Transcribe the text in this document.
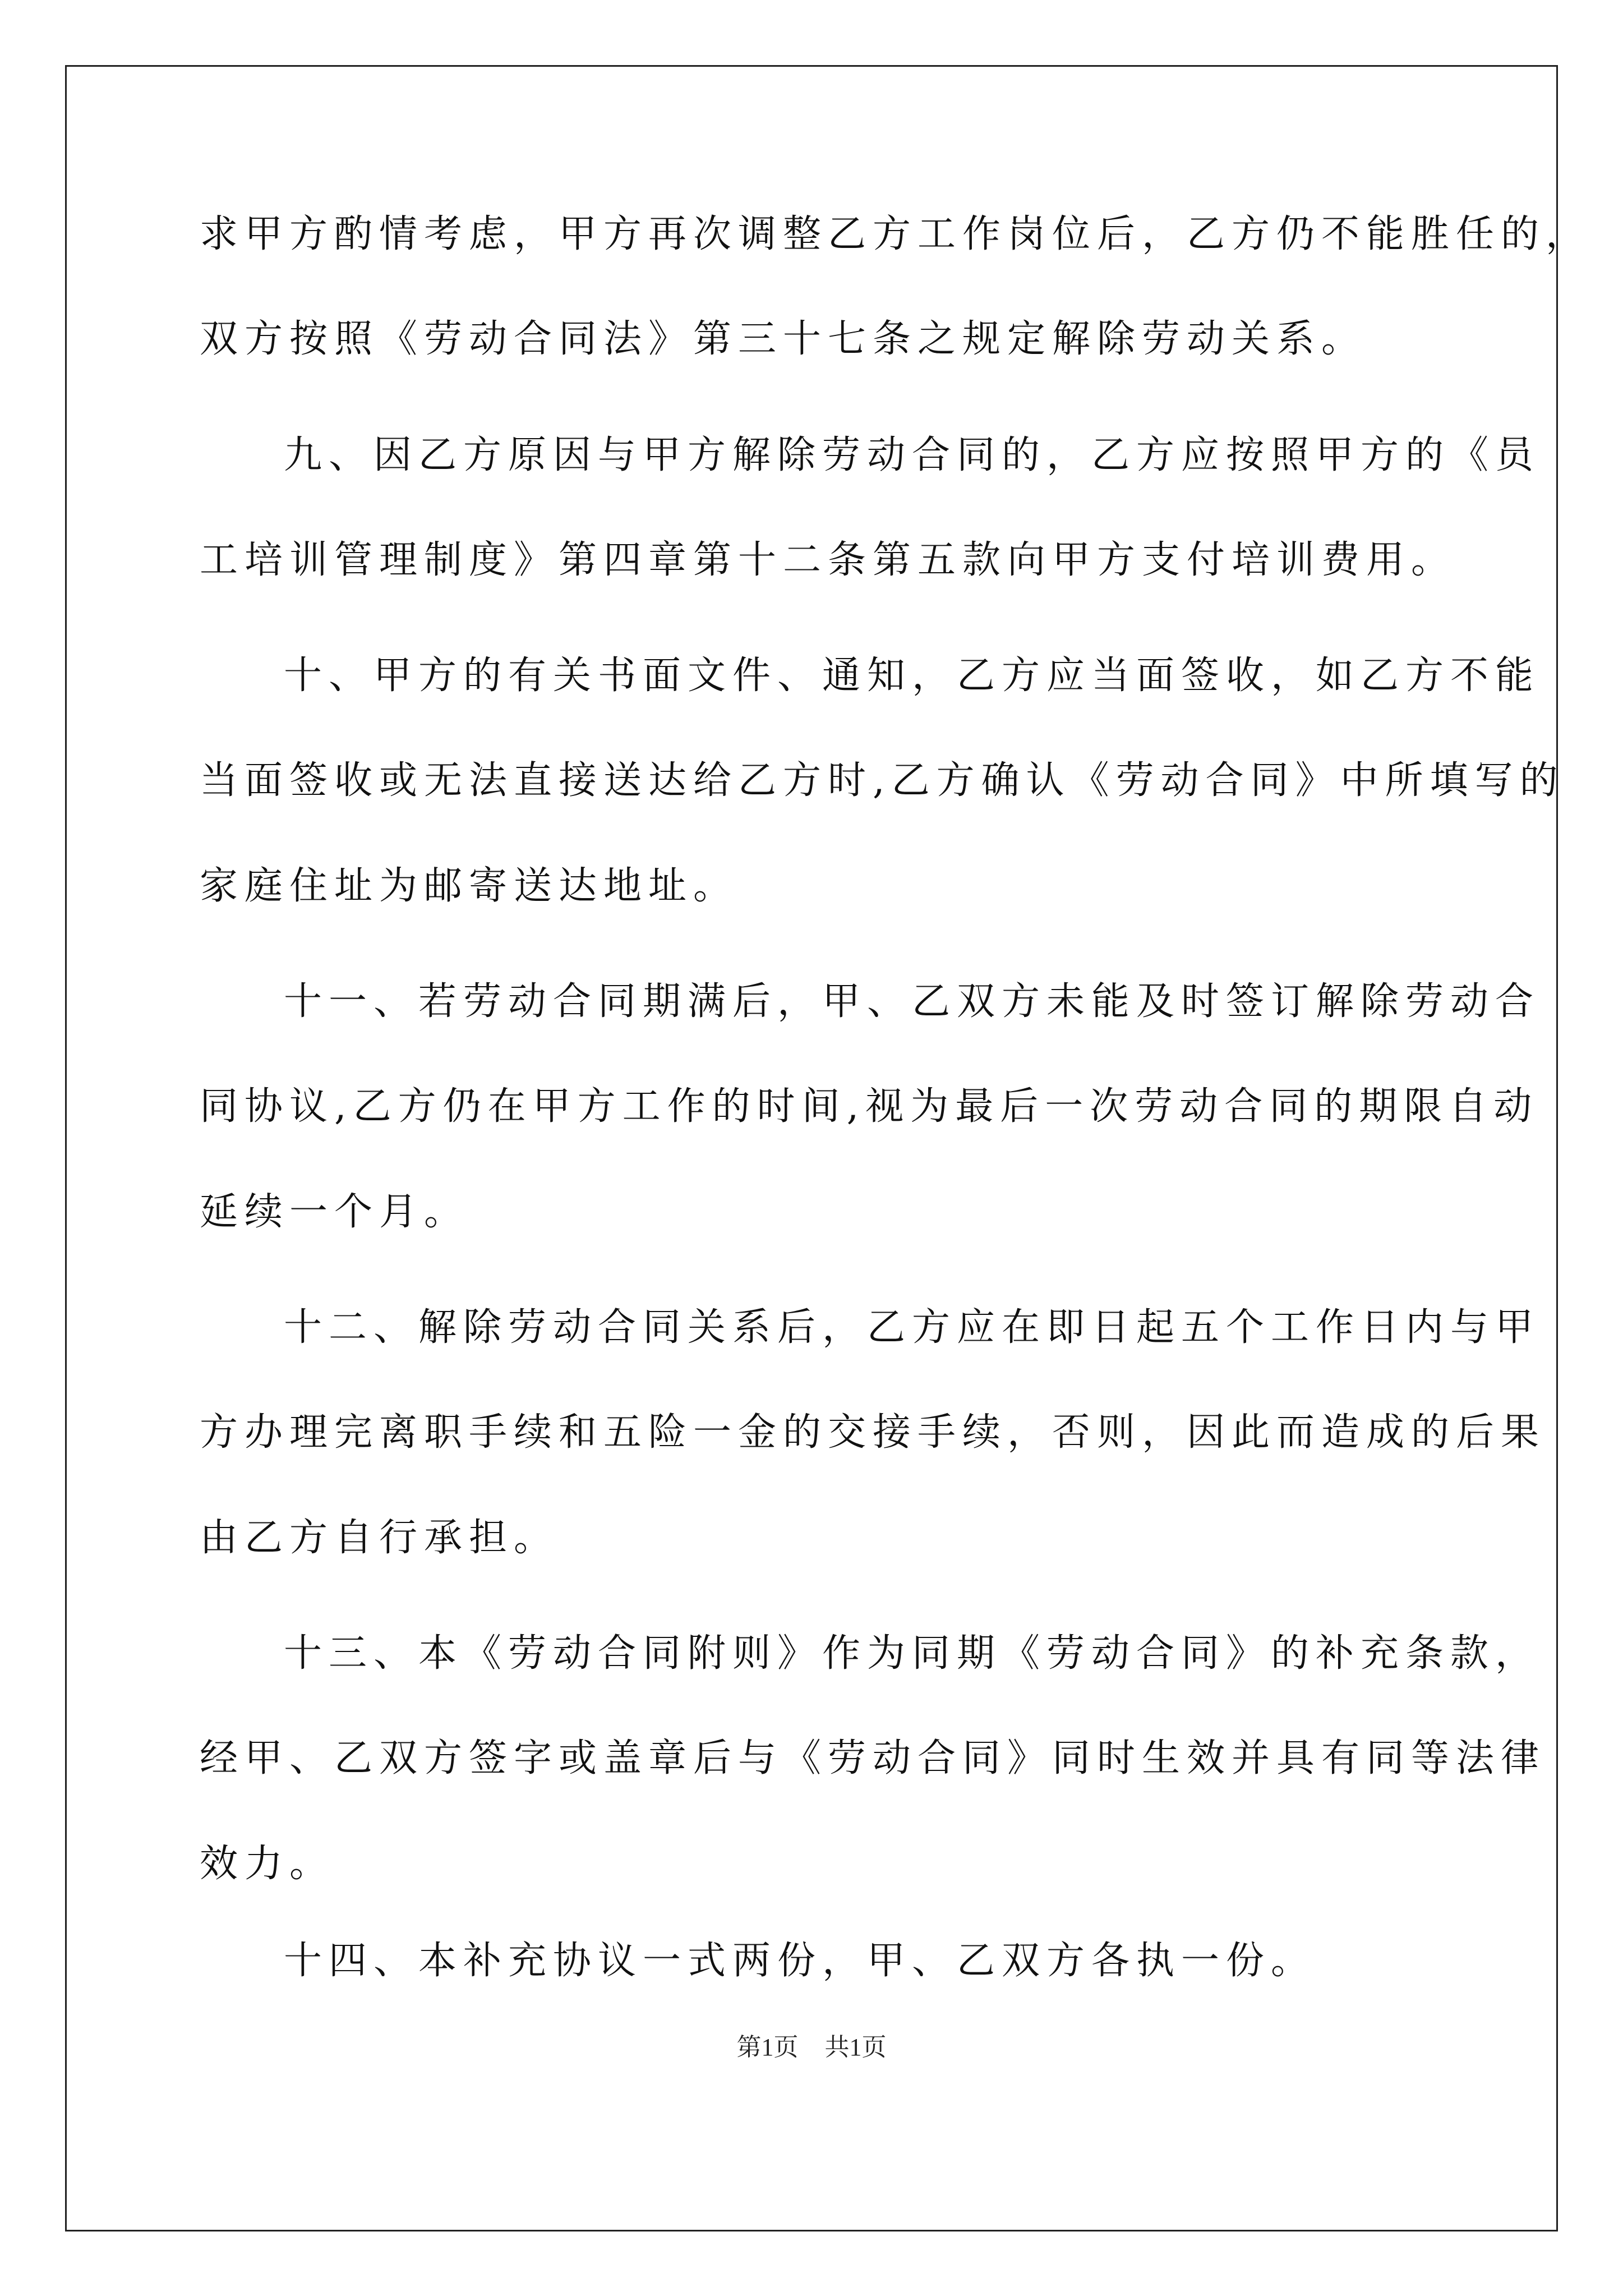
求甲方酌情考虑，甲方再次调整乙方工作岗位后，乙方仍不能胜任的，
双方按照《劳动合同法》第三十七条之规定解除劳动关系。
九、因乙方原因与甲方解除劳动合同的，乙方应按照甲方的《员
工培训管理制度》第四章第十二条第五款向甲方支付培训费用。
十、甲方的有关书面文件、通知，乙方应当面签收，如乙方不能
当面签收或无法直接送达给乙方时,乙方确认《劳动合同》中所填写的
家庭住址为邮寄送达地址。
十一、若劳动合同期满后，甲、乙双方未能及时签订解除劳动合
同协议,乙方仍在甲方工作的时间,视为最后一次劳动合同的期限自动
延续一个月。
十二、解除劳动合同关系后，乙方应在即日起五个工作日内与甲
方办理完离职手续和五险一金的交接手续，否则，因此而造成的后果
由乙方自行承担。
十三、本《劳动合同附则》作为同期《劳动合同》的补充条款，
经甲、乙双方签字或盖章后与《劳动合同》同时生效并具有同等法律
效力。
十四、本补充协议一式两份，甲、乙双方各执一份。
第1页 共1页
